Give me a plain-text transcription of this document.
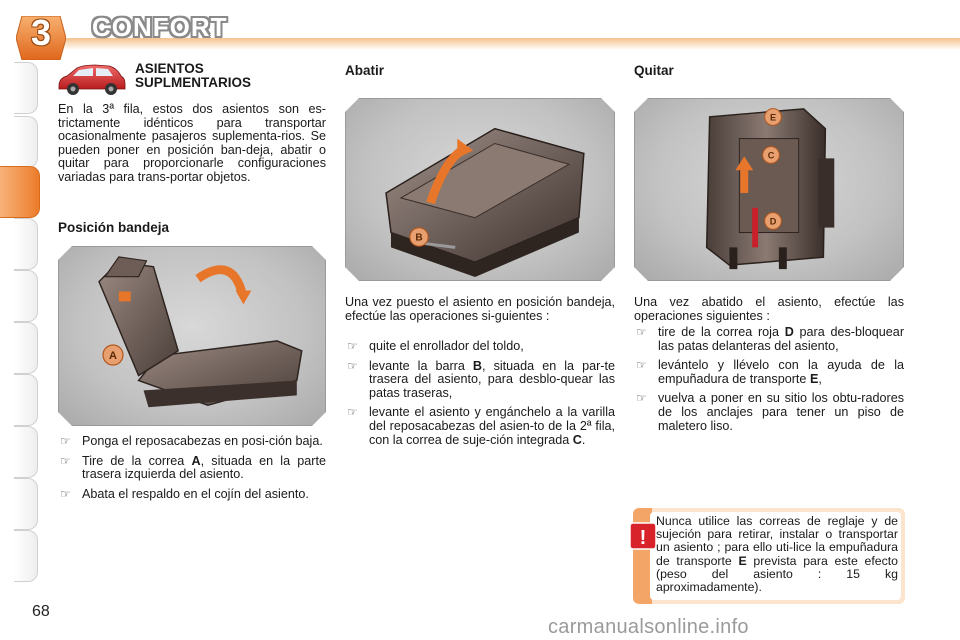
3	CONFORT
ASIENTOS
SUPLMENTARIOS
En la 3ª fila, estos dos asientos son es-trictamente idénticos para transportar ocasionalmente pasajeros suplementa-rios. Se pueden poner en posición ban-deja, abatir o quitar para proporcionarle configuraciones variadas para trans-portar objetos.
Posición bandeja
A
☞ Ponga el reposacabezas en posi-ción baja.
☞ Tire de la correa A, situada en la parte trasera izquierda del asiento.
☞ Abata el respaldo en el cojín del asiento.
Abatir
B
Una vez puesto el asiento en posición bandeja, efectúe las operaciones si-guientes :
☞ quite el enrollador del toldo,
☞ levante la barra B, situada en la par-te trasera del asiento, para desblo-quear las patas traseras,
☞ levante el asiento y engánchelo a la varilla del reposacabezas del asien-to de la 2ª fila, con la correa de suje-ción integrada C.
Quitar
E
C
D
Una vez abatido el asiento, efectúe las operaciones siguientes :
☞ tire de la correa roja D para des-bloquear las patas delanteras del asiento,
☞ levántelo y llévelo con la ayuda de la empuñadura de transporte E,
☞ vuelva a poner en su sitio los obtu-radores de los anclajes para tener un piso de maletero liso.
!
Nunca utilice las correas de reglaje y de sujeción para retirar, instalar o transportar un asiento ; para ello uti-lice la empuñadura de transporte E prevista para este efecto (peso del asiento : 15 kg aproximadamente).
68
carmanualsonline.info
